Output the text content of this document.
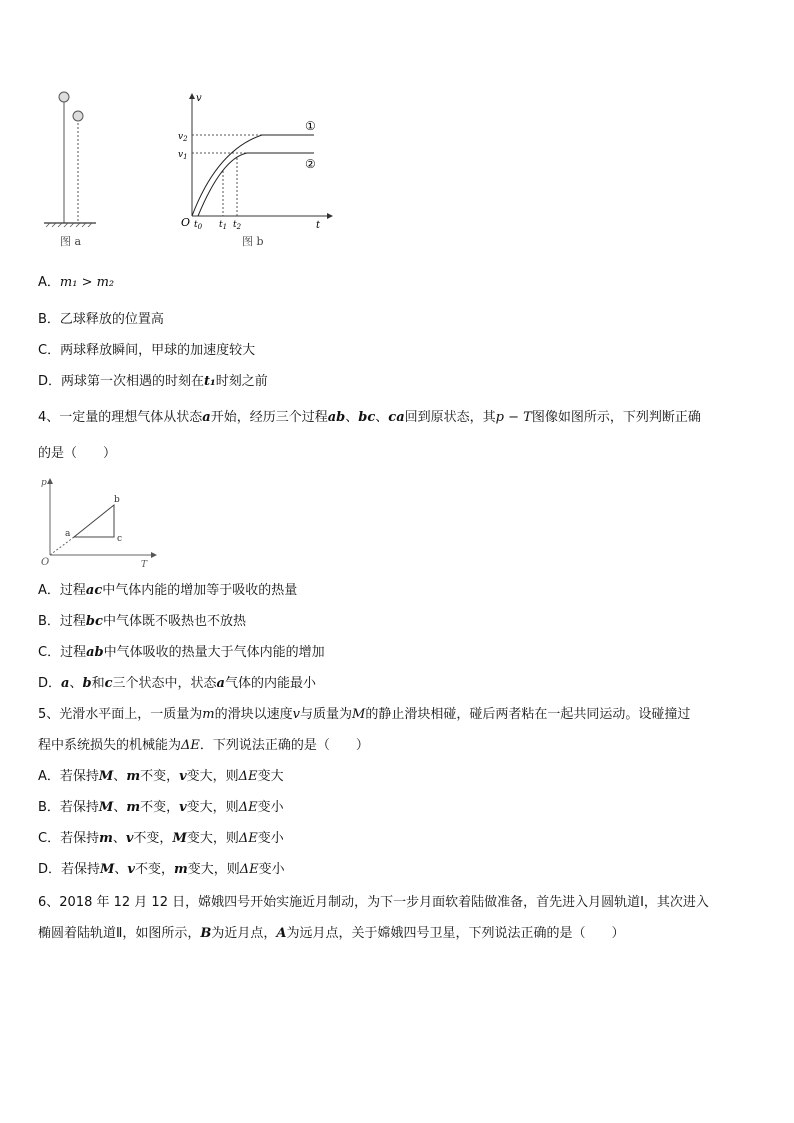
图 a
v
t
O
$v_2$
$v_1$
$t_0$ $t_1$ $t_2$
①
②
图 b
A．m₁ > m₂
B．乙球释放的位置高
C．两球释放瞬间，甲球的加速度较大
D．两球第一次相遇的时刻在t₁时刻之前
4、一定量的理想气体从状态a开始，经历三个过程ab、bc、ca回到原状态，其p − T图像如图所示，下列判断正确
的是（　　）
p
T
O
a
b
c
A．过程ac中气体内能的增加等于吸收的热量
B．过程bc中气体既不吸热也不放热
C．过程ab中气体吸收的热量大于气体内能的增加
D．a、b和c三个状态中，状态a气体的内能最小
5、光滑水平面上，一质量为m的滑块以速度v与质量为M的静止滑块相碰，碰后两者粘在一起共同运动。设碰撞过
程中系统损失的机械能为ΔE．下列说法正确的是（　　）
A．若保持M、m不变，v变大，则ΔE变大
B．若保持M、m不变，v变大，则ΔE变小
C．若保持m、v不变，M变大，则ΔE变小
D．若保持M、v不变，m变大，则ΔE变小
6、2018 年 12 月 12 日，嫦娥四号开始实施近月制动，为下一步月面软着陆做准备，首先进入月圆轨道Ⅰ，其次进入
椭圆着陆轨道Ⅱ，如图所示，B为近月点，A为远月点，关于嫦娥四号卫星，下列说法正确的是（　　）
